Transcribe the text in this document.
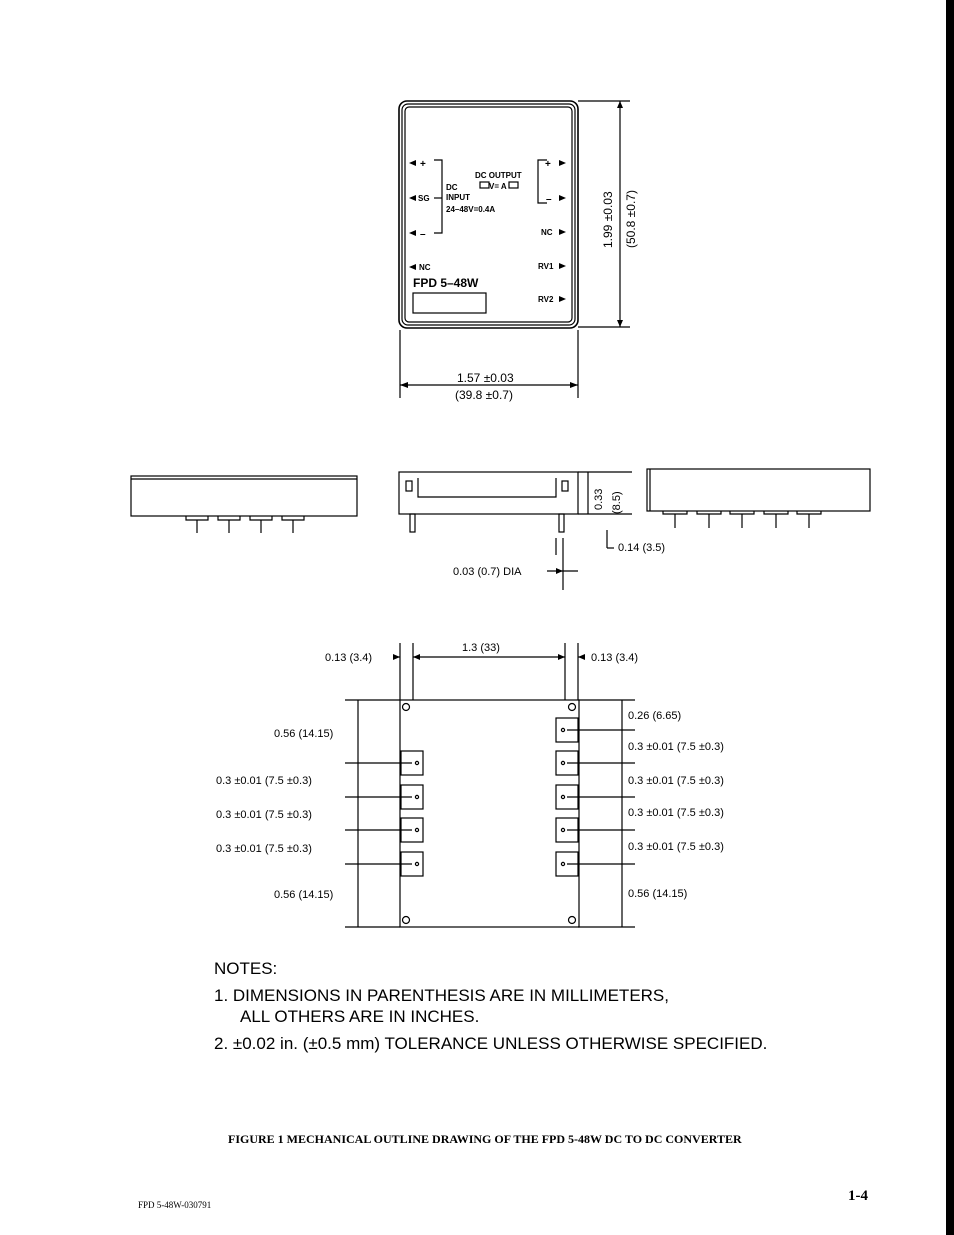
+
SG
–
NC
DC
INPUT
24–48V=0.4A
DC OUTPUT
V= A
+
–
NC
RV1
RV2
FPD 5–48W
1.99 ±0.03 (50.8 ±0.7)
1.57 ±0.03
(39.8 ±0.7)
0.33 (8.5)
0.14 (3.5)
0.03 (0.7) DIA
0.13 (3.4)
1.3 (33)
0.13 (3.4)
0.56 (14.15)
0.3 ±0.01 (7.5 ±0.3)
0.3 ±0.01 (7.5 ±0.3)
0.3 ±0.01 (7.5 ±0.3)
0.56 (14.15)
0.26 (6.65)
0.3 ±0.01 (7.5 ±0.3)
0.3 ±0.01 (7.5 ±0.3)
0.3 ±0.01 (7.5 ±0.3)
0.3 ±0.01 (7.5 ±0.3)
0.56 (14.15)
NOTES:
1. DIMENSIONS IN PARENTHESIS ARE IN MILLIMETERS,
ALL OTHERS ARE IN INCHES.
2. ±0.02 in. (±0.5 mm) TOLERANCE UNLESS OTHERWISE SPECIFIED.
FIGURE 1 MECHANICAL OUTLINE DRAWING OF THE FPD 5-48W DC TO DC CONVERTER
FPD 5-48W-030791
1-4
